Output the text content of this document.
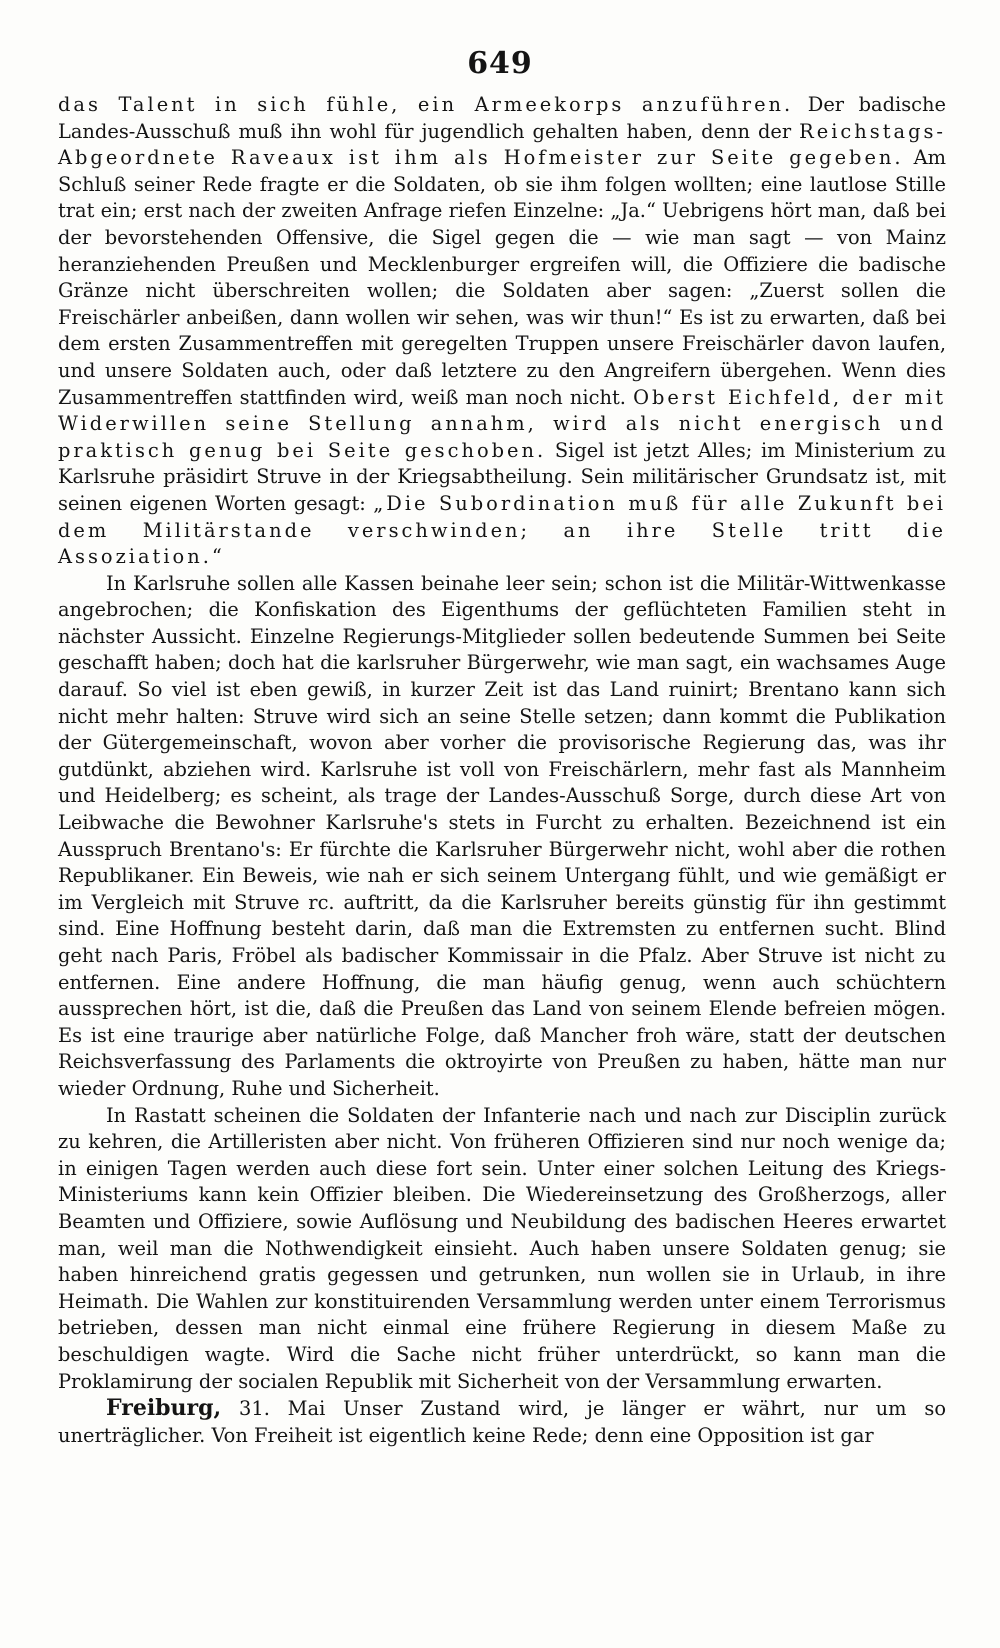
649

das Talent in sich fühle, ein Armeekorps anzuführen. Der badische Landes-Ausschuß muß ihn wohl für jugendlich gehalten haben, denn der Reichstags-Abgeordnete Raveaux ist ihm als Hofmeister zur Seite gegeben. Am Schluß seiner Rede fragte er die Soldaten, ob sie ihm folgen wollten; eine lautlose Stille trat ein; erst nach der zweiten Anfrage riefen Einzelne: „Ja.“ Uebrigens hört man, daß bei der bevorstehenden Offensive, die Sigel gegen die — wie man sagt — von Mainz heranziehenden Preußen und Mecklenburger ergreifen will, die Offiziere die badische Gränze nicht überschreiten wollen; die Soldaten aber sagen: „Zuerst sollen die Freischärler anbeißen, dann wollen wir sehen, was wir thun!“ Es ist zu erwarten, daß bei dem ersten Zusammentreffen mit geregelten Truppen unsere Freischärler davon laufen, und unsere Soldaten auch, oder daß letztere zu den Angreifern übergehen. Wenn dies Zusammentreffen stattfinden wird, weiß man noch nicht. Oberst Eichfeld, der mit Widerwillen seine Stellung annahm, wird als nicht energisch und praktisch genug bei Seite geschoben. Sigel ist jetzt Alles; im Ministerium zu Karlsruhe präsidirt Struve in der Kriegsabtheilung. Sein militärischer Grundsatz ist, mit seinen eigenen Worten gesagt: „Die Subordination muß für alle Zukunft bei dem Militärstande verschwinden; an ihre Stelle tritt die Assoziation.“

In Karlsruhe sollen alle Kassen beinahe leer sein; schon ist die Militär-Wittwenkasse angebrochen; die Konfiskation des Eigenthums der geflüchteten Familien steht in nächster Aussicht. Einzelne Regierungs-Mitglieder sollen bedeutende Summen bei Seite geschafft haben; doch hat die karlsruher Bürgerwehr, wie man sagt, ein wachsames Auge darauf. So viel ist eben gewiß, in kurzer Zeit ist das Land ruinirt; Brentano kann sich nicht mehr halten: Struve wird sich an seine Stelle setzen; dann kommt die Publikation der Gütergemeinschaft, wovon aber vorher die provisorische Regierung das, was ihr gutdünkt, abziehen wird. Karlsruhe ist voll von Freischärlern, mehr fast als Mannheim und Heidelberg; es scheint, als trage der Landes-Ausschuß Sorge, durch diese Art von Leibwache die Bewohner Karlsruhe's stets in Furcht zu erhalten. Bezeichnend ist ein Ausspruch Brentano's: Er fürchte die Karlsruher Bürgerwehr nicht, wohl aber die rothen Republikaner. Ein Beweis, wie nah er sich seinem Untergang fühlt, und wie gemäßigt er im Vergleich mit Struve rc. auftritt, da die Karlsruher bereits günstig für ihn gestimmt sind. Eine Hoffnung besteht darin, daß man die Extremsten zu entfernen sucht. Blind geht nach Paris, Fröbel als badischer Kommissair in die Pfalz. Aber Struve ist nicht zu entfernen. Eine andere Hoffnung, die man häufig genug, wenn auch schüchtern aussprechen hört, ist die, daß die Preußen das Land von seinem Elende befreien mögen. Es ist eine traurige aber natürliche Folge, daß Mancher froh wäre, statt der deutschen Reichsverfassung des Parlaments die oktroyirte von Preußen zu haben, hätte man nur wieder Ordnung, Ruhe und Sicherheit.

In Rastatt scheinen die Soldaten der Infanterie nach und nach zur Disciplin zurück zu kehren, die Artilleristen aber nicht. Von früheren Offizieren sind nur noch wenige da; in einigen Tagen werden auch diese fort sein. Unter einer solchen Leitung des Kriegs-Ministeriums kann kein Offizier bleiben. Die Wiedereinsetzung des Großherzogs, aller Beamten und Offiziere, sowie Auflösung und Neubildung des badischen Heeres erwartet man, weil man die Nothwendigkeit einsieht. Auch haben unsere Soldaten genug; sie haben hinreichend gratis gegessen und getrunken, nun wollen sie in Urlaub, in ihre Heimath. Die Wahlen zur konstituirenden Versammlung werden unter einem Terrorismus betrieben, dessen man nicht einmal eine frühere Regierung in diesem Maße zu beschuldigen wagte. Wird die Sache nicht früher unterdrückt, so kann man die Proklamirung der socialen Republik mit Sicherheit von der Versammlung erwarten.

Freiburg, 31. Mai Unser Zustand wird, je länger er währt, nur um so unerträglicher. Von Freiheit ist eigentlich keine Rede; denn eine Opposition ist gar
